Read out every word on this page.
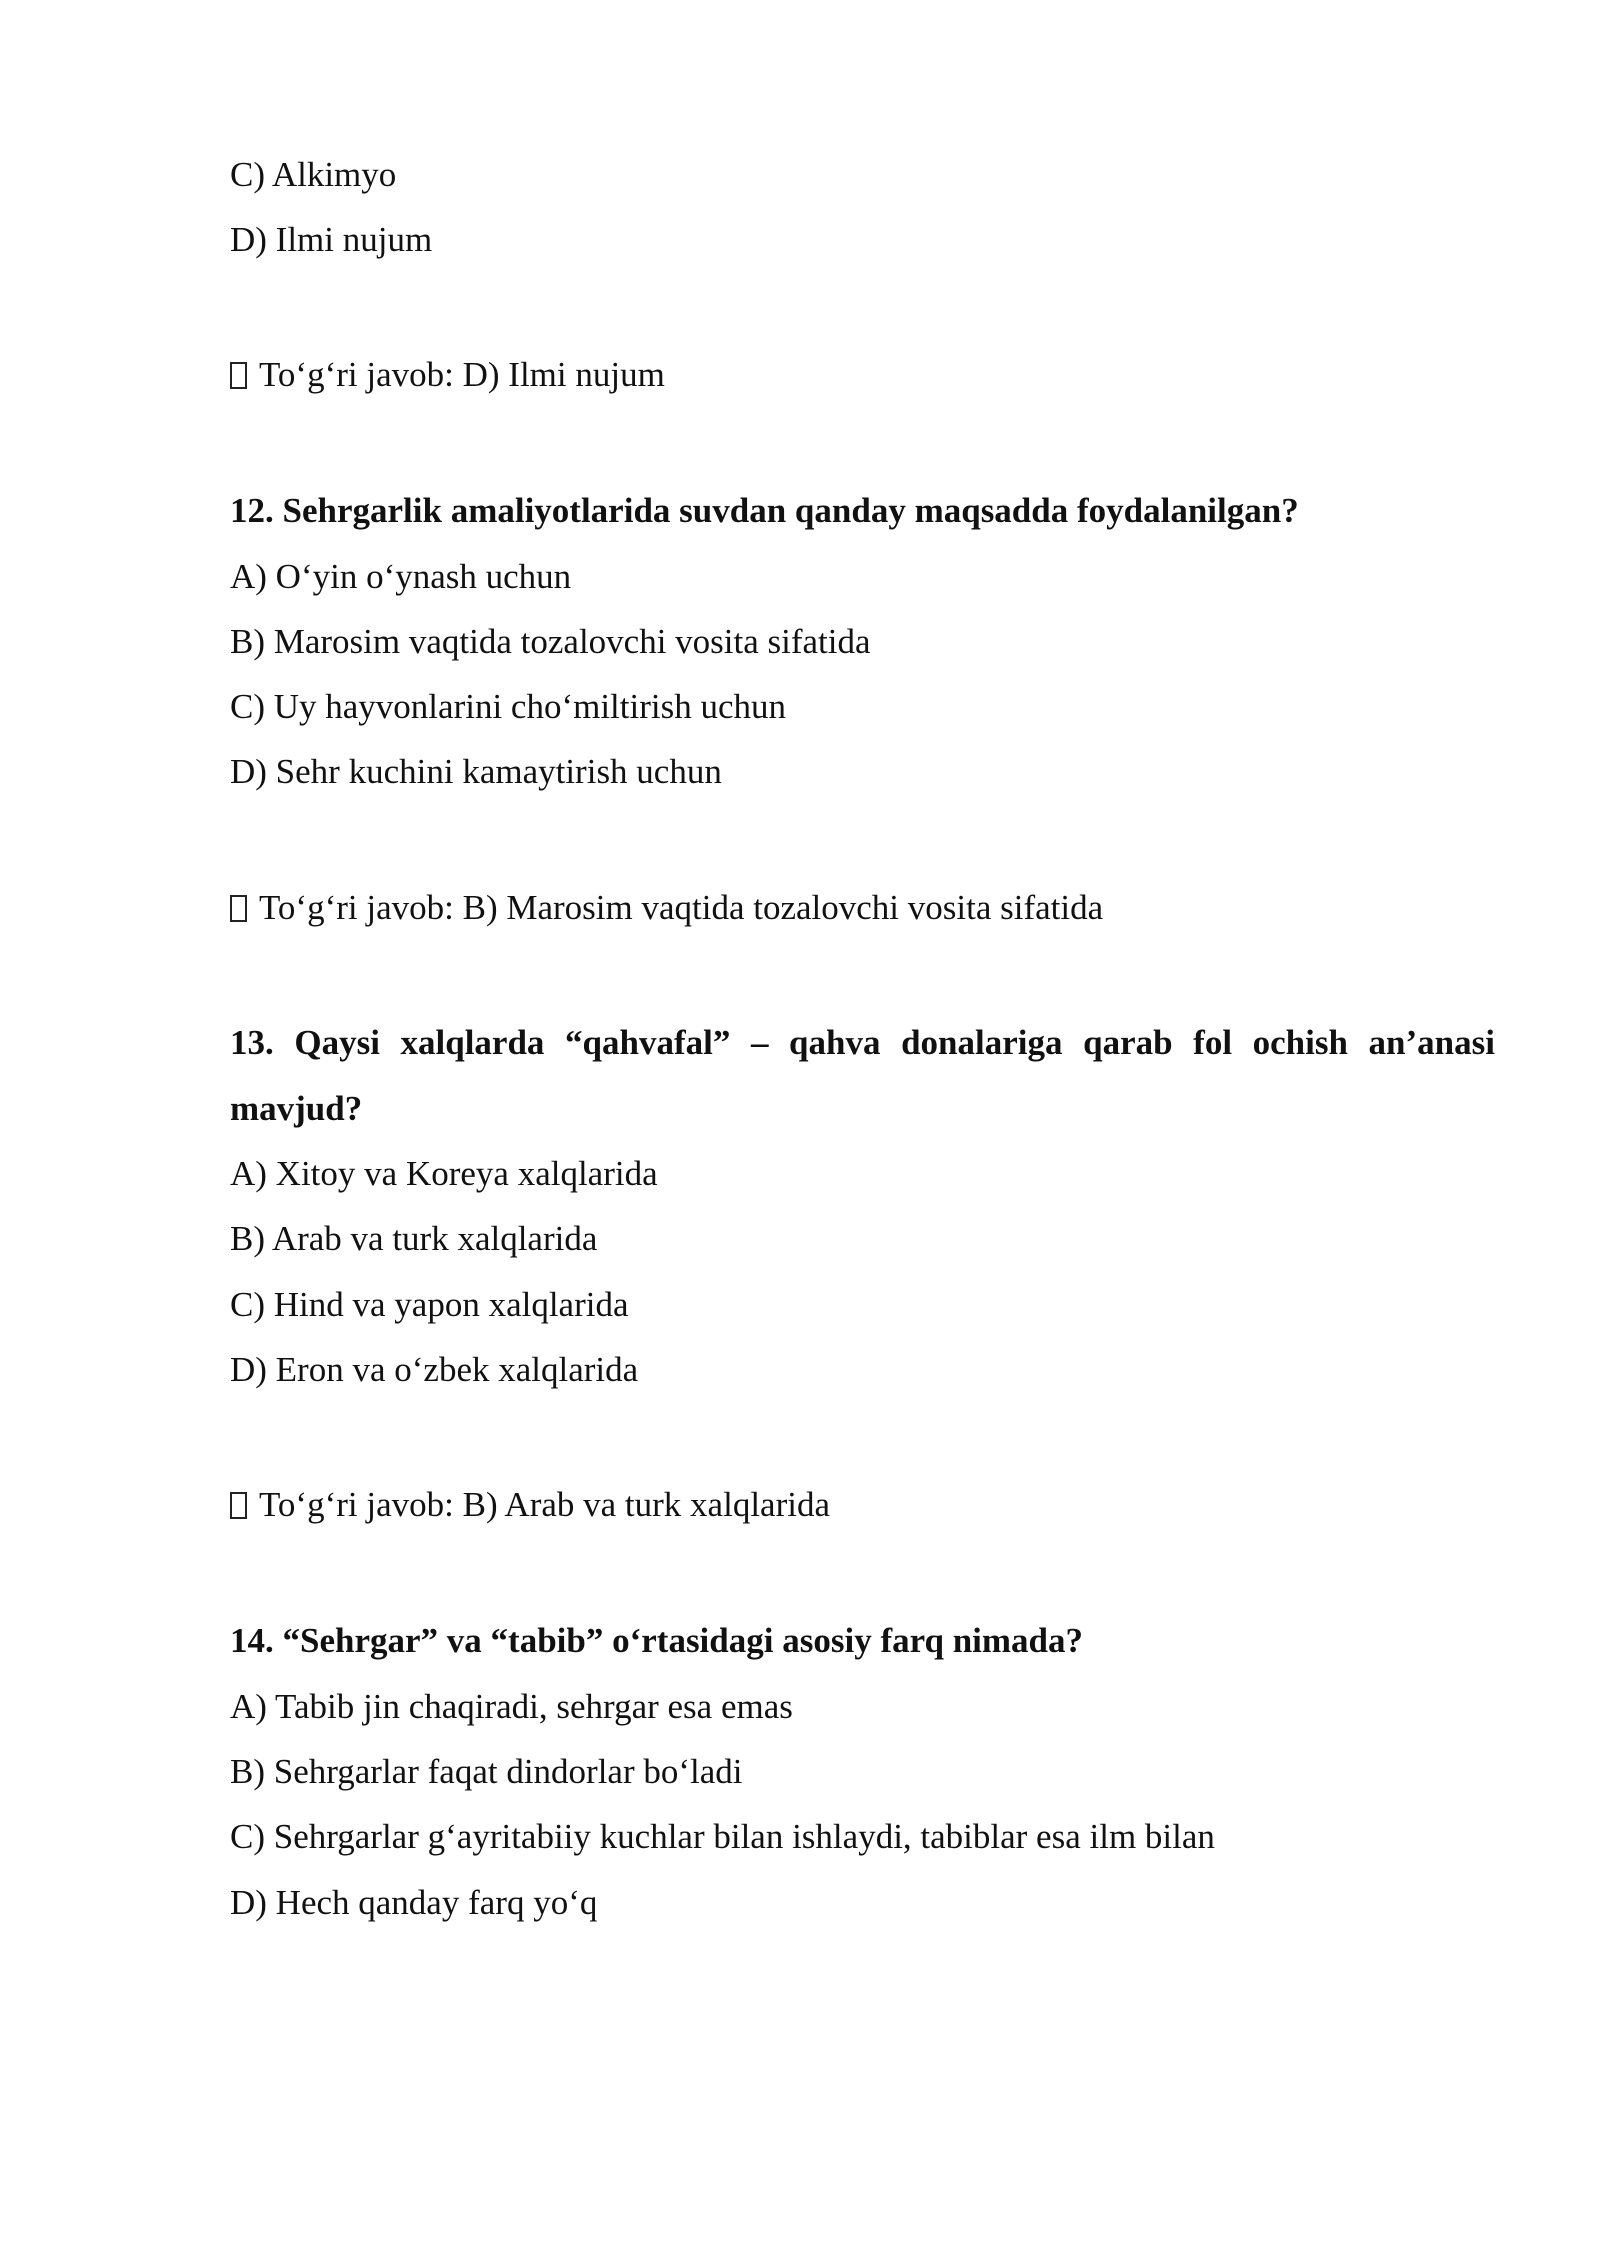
C) Alkimyo
D) Ilmi nujum
To‘g‘ri javob: D) Ilmi nujum
12. Sehrgarlik amaliyotlarida suvdan qanday maqsadda foydalanilgan?
A) O‘yin o‘ynash uchun
B) Marosim vaqtida tozalovchi vosita sifatida
C) Uy hayvonlarini cho‘miltirish uchun
D) Sehr kuchini kamaytirish uchun
To‘g‘ri javob: B) Marosim vaqtida tozalovchi vosita sifatida
13. Qaysi xalqlarda “qahvafal” – qahva donalariga qarab fol ochish an’anasi
mavjud?
A) Xitoy va Koreya xalqlarida
B) Arab va turk xalqlarida
C) Hind va yapon xalqlarida
D) Eron va o‘zbek xalqlarida
To‘g‘ri javob: B) Arab va turk xalqlarida
14. “Sehrgar” va “tabib” o‘rtasidagi asosiy farq nimada?
A) Tabib jin chaqiradi, sehrgar esa emas
B) Sehrgarlar faqat dindorlar bo‘ladi
C) Sehrgarlar g‘ayritabiiy kuchlar bilan ishlaydi, tabiblar esa ilm bilan
D) Hech qanday farq yo‘q
